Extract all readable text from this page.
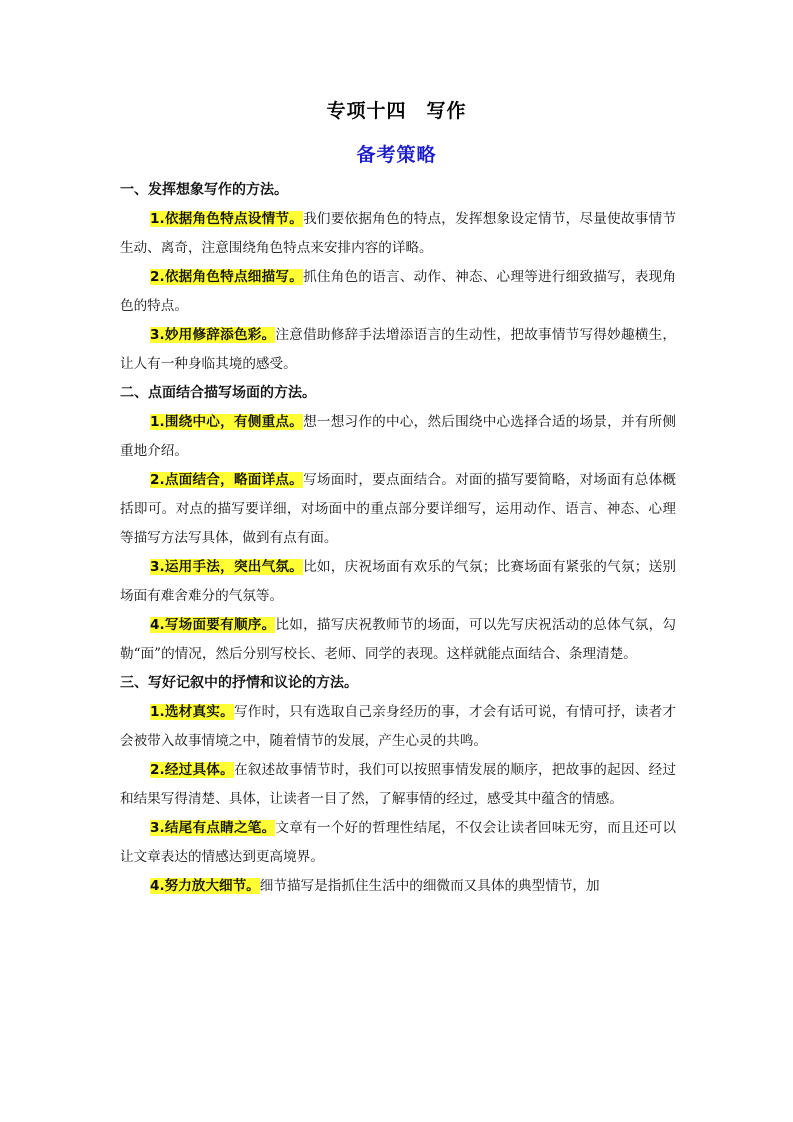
专项十四　写作
备考策略

一、发挥想象写作的方法。

1.依据角色特点设情节。我们要依据角色的特点，发挥想象设定情节，尽量使故事情节生动、离奇，注意围绕角色特点来安排内容的详略。

2.依据角色特点细描写。抓住角色的语言、动作、神态、心理等进行细致描写，表现角色的特点。

3.妙用修辞添色彩。注意借助修辞手法增添语言的生动性，把故事情节写得妙趣横生，让人有一种身临其境的感受。

二、点面结合描写场面的方法。

1.围绕中心，有侧重点。想一想习作的中心，然后围绕中心选择合适的场景，并有所侧重地介绍。

2.点面结合，略面详点。写场面时，要点面结合。对面的描写要简略，对场面有总体概括即可。对点的描写要详细，对场面中的重点部分要详细写，运用动作、语言、神态、心理等描写方法写具体，做到有点有面。

3.运用手法，突出气氛。比如，庆祝场面有欢乐的气氛；比赛场面有紧张的气氛；送别场面有难舍难分的气氛等。

4.写场面要有顺序。比如，描写庆祝教师节的场面，可以先写庆祝活动的总体气氛，勾勒“面”的情况，然后分别写校长、老师、同学的表现。这样就能点面结合、条理清楚。

三、写好记叙中的抒情和议论的方法。

1.选材真实。写作时，只有选取自己亲身经历的事，才会有话可说，有情可抒，读者才会被带入故事情境之中，随着情节的发展，产生心灵的共鸣。

2.经过具体。在叙述故事情节时，我们可以按照事情发展的顺序，把故事的起因、经过和结果写得清楚、具体，让读者一目了然，了解事情的经过，感受其中蕴含的情感。

3.结尾有点睛之笔。文章有一个好的哲理性结尾，不仅会让读者回味无穷，而且还可以让文章表达的情感达到更高境界。

4.努力放大细节。细节描写是指抓住生活中的细微而又具体的典型情节，加
